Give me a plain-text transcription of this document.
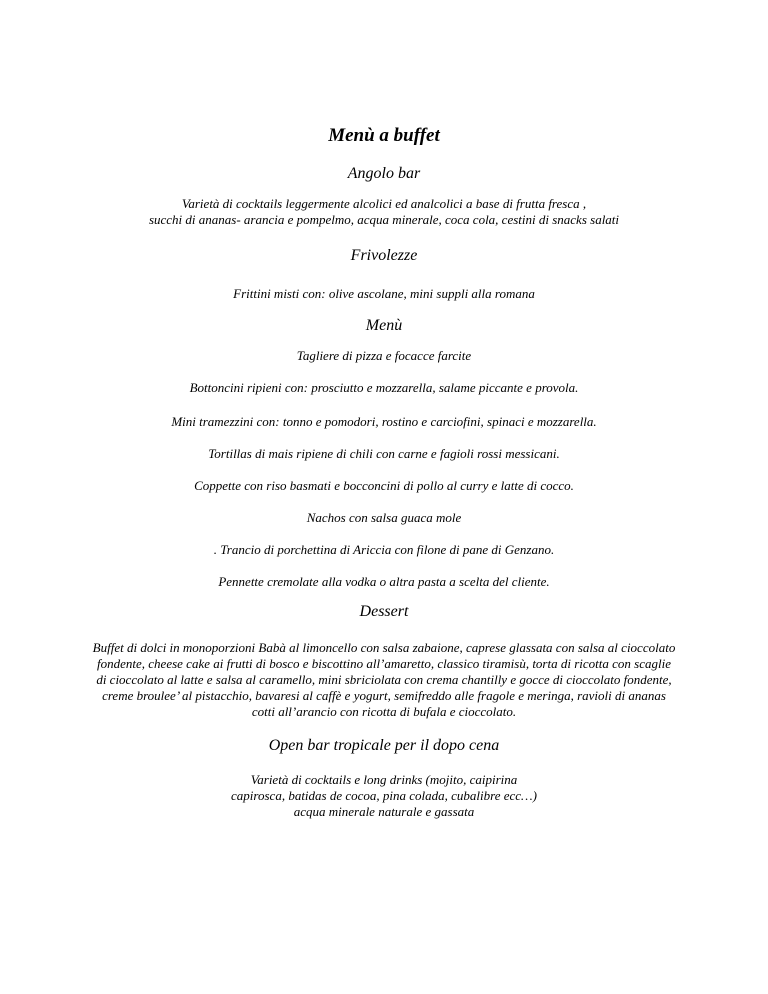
Menù a buffet
Angolo bar
Varietà di cocktails leggermente alcolici ed analcolici a base di frutta fresca ,
succhi di ananas- arancia e pompelmo, acqua minerale, coca cola, cestini di snacks salati
Frivolezze
Frittini misti con: olive ascolane, mini suppli alla romana
Menù
Tagliere di pizza e focacce farcite
Bottoncini ripieni con: prosciutto e mozzarella, salame piccante e provola.
Mini tramezzini con: tonno e pomodori, rostino e carciofini, spinaci e mozzarella.
Tortillas di mais ripiene di chili con carne e fagioli rossi messicani.
Coppette con riso basmati e bocconcini di pollo al curry e latte di cocco.
Nachos con salsa guaca mole
. Trancio di porchettina di Ariccia con filone di pane di Genzano.
Pennette cremolate alla vodka o altra pasta a scelta del cliente.
Dessert
Buffet di dolci in monoporzioni Babà al limoncello con salsa zabaione, caprese glassata con salsa al cioccolato
fondente, cheese cake ai frutti di bosco e biscottino all’amaretto, classico tiramisù, torta di ricotta con scaglie
di cioccolato al latte e salsa al caramello, mini sbriciolata con crema chantilly e gocce di cioccolato fondente,
creme broulee’ al pistacchio, bavaresi al caffè e yogurt, semifreddo alle fragole e meringa, ravioli di ananas
cotti all’arancio con ricotta di bufala e cioccolato.
Open bar tropicale per il dopo cena
Varietà di cocktails e long drinks (mojito, caipirina
capirosca, batidas de cocoa, pina colada, cubalibre ecc…)
acqua minerale naturale e gassata
